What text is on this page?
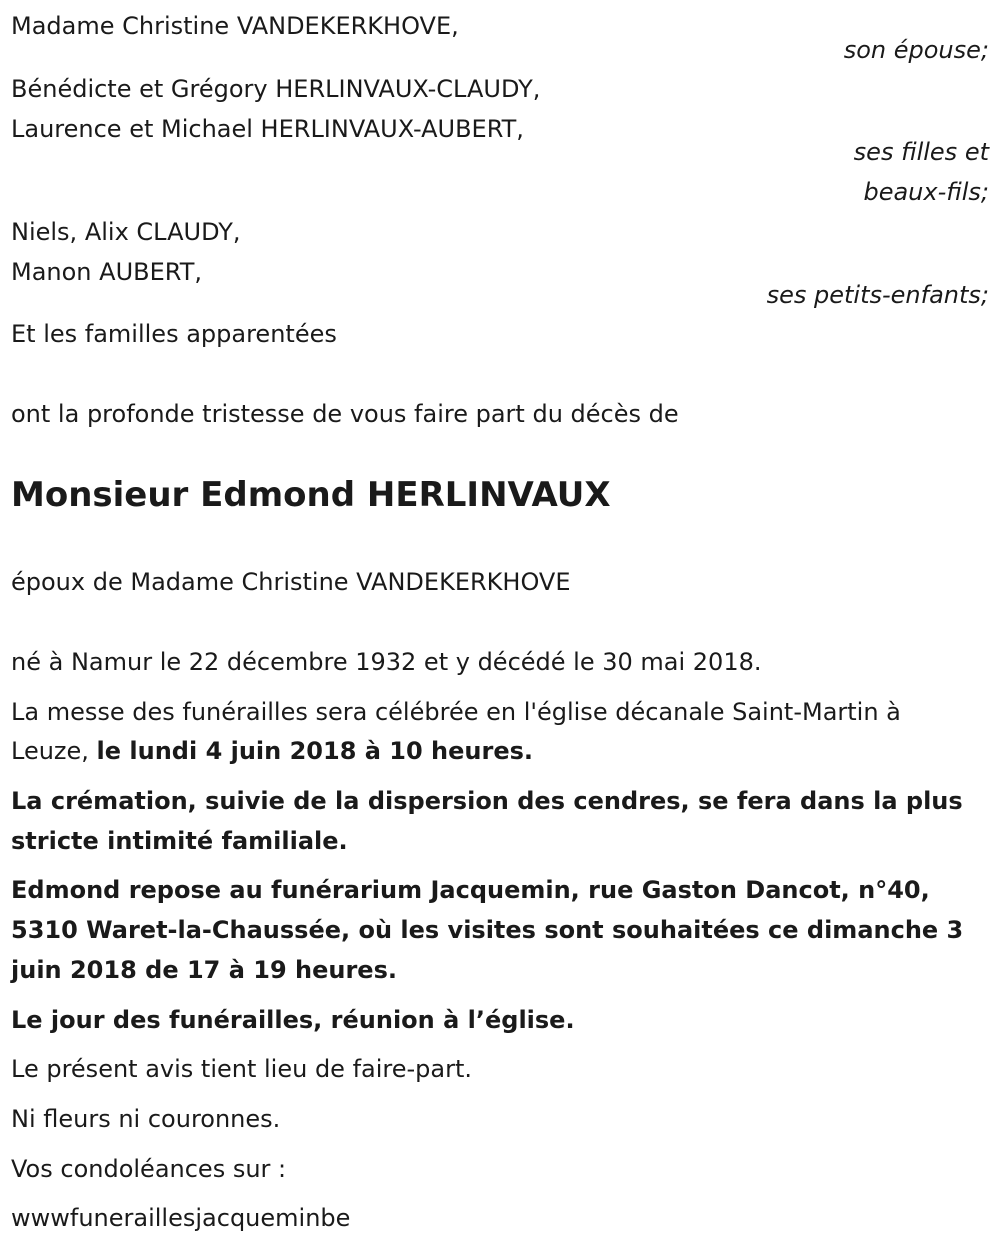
Madame Christine VANDEKERKHOVE,
son épouse;
Bénédicte et Grégory HERLINVAUX-CLAUDY,
Laurence et Michael HERLINVAUX-AUBERT,
ses filles et
beaux-fils;
Niels, Alix CLAUDY,
Manon AUBERT,
ses petits-enfants;
Et les familles apparentées
ont la profonde tristesse de vous faire part du décès de
Monsieur Edmond HERLINVAUX
époux de Madame Christine VANDEKERKHOVE
né à Namur le 22 décembre 1932 et y décédé le 30 mai 2018.
La messe des funérailles sera célébrée en l'église décanale Saint-Martin à
Leuze, le lundi 4 juin 2018 à 10 heures.
La crémation, suivie de la dispersion des cendres, se fera dans la plus
stricte intimité familiale.
Edmond repose au funérarium Jacquemin, rue Gaston Dancot, n°40,
5310 Waret-la-Chaussée, où les visites sont souhaitées ce dimanche 3
juin 2018 de 17 à 19 heures.
Le jour des funérailles, réunion à l’église.
Le présent avis tient lieu de faire-part.
Ni fleurs ni couronnes.
Vos condoléances sur :
wwwfuneraillesjacqueminbe
